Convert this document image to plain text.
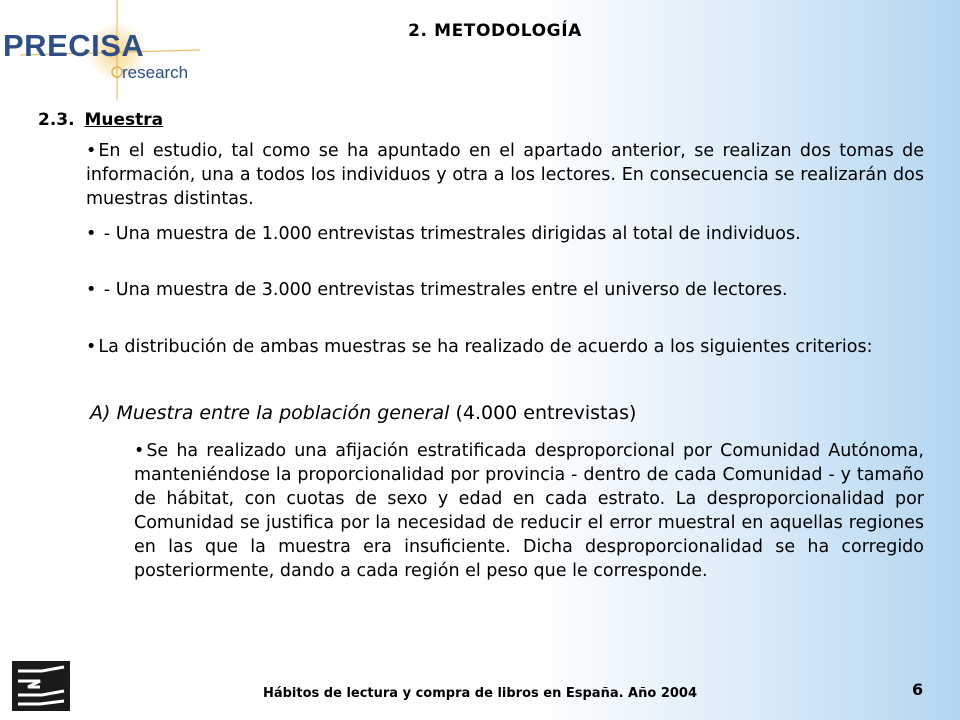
PRECISA
research
2. METODOLOGÍA
2.3. Muestra
• En el estudio, tal como se ha apuntado en el apartado anterior, se realizan dos tomas de información, una a todos los individuos y otra a los lectores. En consecuencia se realizarán dos muestras distintas.
• - Una muestra de 1.000 entrevistas trimestrales dirigidas al total de individuos.
• - Una muestra de 3.000 entrevistas trimestrales entre el universo de lectores.
• La distribución de ambas muestras se ha realizado de acuerdo a los siguientes criterios:
A) Muestra entre la población general (4.000 entrevistas)
• Se ha realizado una afijación estratificada desproporcional por Comunidad Autónoma, manteniéndose la proporcionalidad por provincia - dentro de cada Comunidad - y tamaño de hábitat, con cuotas de sexo y edad en cada estrato. La desproporcionalidad por Comunidad se justifica por la necesidad de reducir el error muestral en aquellas regiones en las que la muestra era insuficiente. Dicha desproporcionalidad se ha corregido posteriormente, dando a cada región el peso que le corresponde.
Hábitos de lectura y compra de libros en España. Año 2004	6
